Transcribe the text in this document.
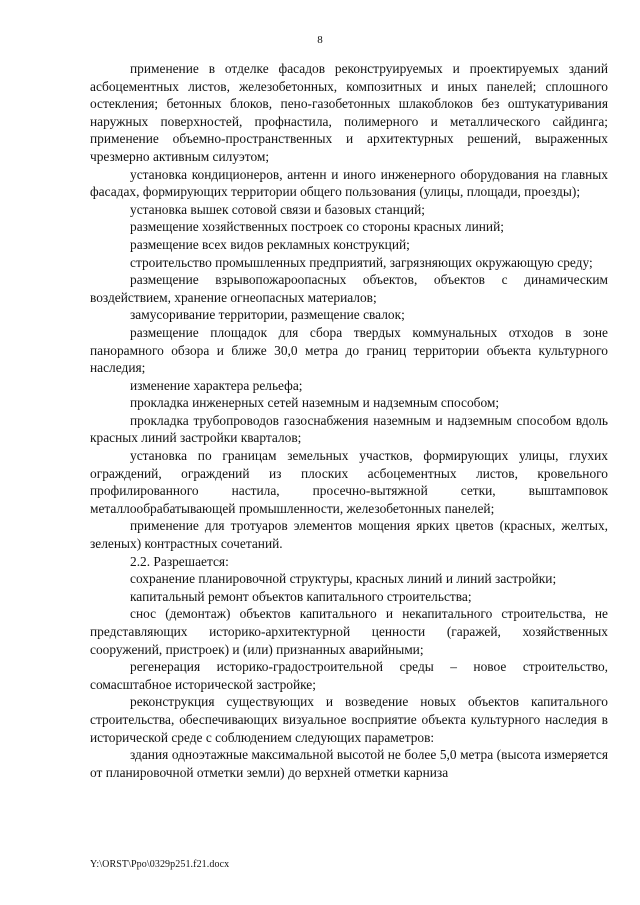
8

применение в отделке фасадов реконструируемых и проектируемых зданий асбоцементных листов, железобетонных, композитных и иных панелей; сплошного остекления; бетонных блоков, пено-газобетонных шлакоблоков без оштукатуривания наружных поверхностей, профнастила, полимерного и металлического сайдинга; применение объемно-пространственных и архитектурных решений, выраженных чрезмерно активным силуэтом;

установка кондиционеров, антенн и иного инженерного оборудования на главных фасадах, формирующих территории общего пользования (улицы, площади, проезды);

установка вышек сотовой связи и базовых станций;

размещение хозяйственных построек со стороны красных линий;

размещение всех видов рекламных конструкций;

строительство промышленных предприятий, загрязняющих окружающую среду;

размещение взрывопожароопасных объектов, объектов с динамическим воздействием, хранение огнеопасных материалов;

замусоривание территории, размещение свалок;

размещение площадок для сбора твердых коммунальных отходов в зоне панорамного обзора и ближе 30,0 метра до границ территории объекта культурного наследия;

изменение характера рельефа;

прокладка инженерных сетей наземным и надземным способом;

прокладка трубопроводов газоснабжения наземным и надземным способом вдоль красных линий застройки кварталов;

установка по границам земельных участков, формирующих улицы, глухих ограждений, ограждений из плоских асбоцементных листов, кровельного профилированного настила, просечно-вытяжной сетки, выштамповок металлообрабатывающей промышленности, железобетонных панелей;

применение для тротуаров элементов мощения ярких цветов (красных, желтых, зеленых) контрастных сочетаний.

2.2. Разрешается:

сохранение планировочной структуры, красных линий и линий застройки;

капитальный ремонт объектов капитального строительства;

снос (демонтаж) объектов капитального и некапитального строительства, не представляющих историко-архитектурной ценности (гаражей, хозяйственных сооружений, пристроек) и (или) признанных аварийными;

регенерация историко-градостроительной среды – новое строительство, сомасштабное исторической застройке;

реконструкция существующих и возведение новых объектов капитального строительства, обеспечивающих визуальное восприятие объекта культурного наследия в исторической среде с соблюдением следующих параметров:

здания одноэтажные максимальной высотой не более 5,0 метра (высота измеряется от планировочной отметки земли) до верхней отметки карниза

Y:\ORST\Ppo\0329p251.f21.docx
